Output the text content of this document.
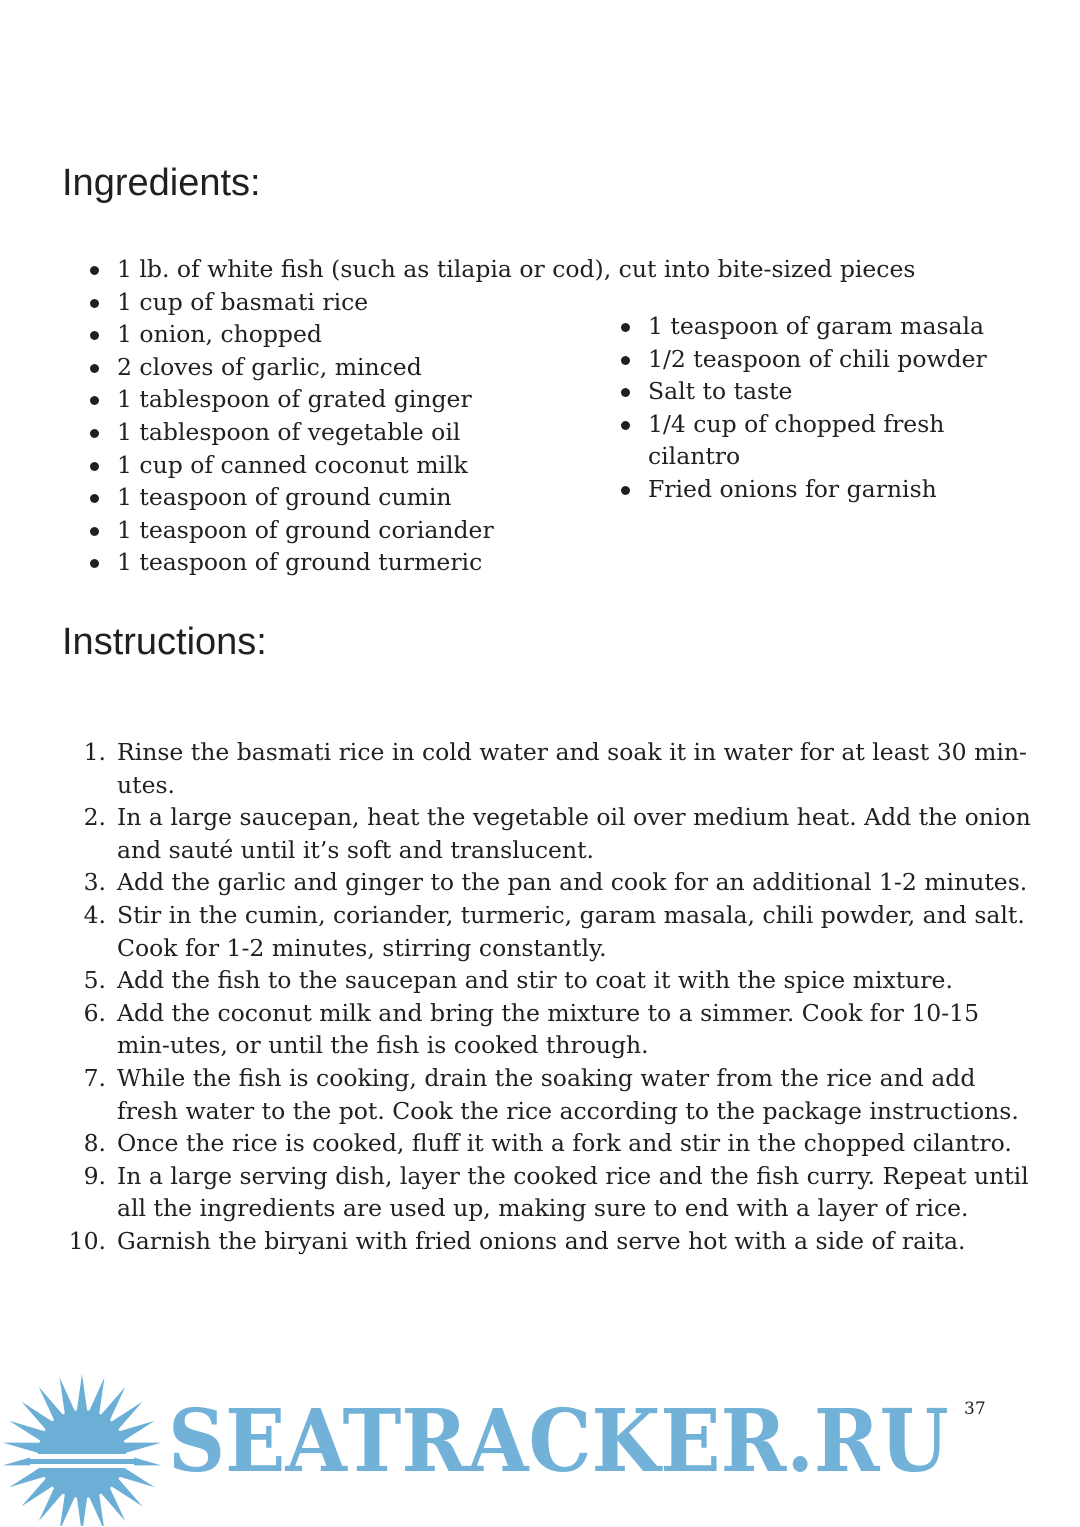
Ingredients:
1 lb. of white fish (such as tilapia or cod), cut into bite-sized pieces
1 cup of basmati rice
1 onion, chopped
2 cloves of garlic, minced
1 tablespoon of grated ginger
1 tablespoon of vegetable oil
1 cup of canned coconut milk
1 teaspoon of ground cumin
1 teaspoon of ground coriander
1 teaspoon of ground turmeric
1 teaspoon of garam masala
1/2 teaspoon of chili powder
Salt to taste
1/4 cup of chopped fresh cilantro
Fried onions for garnish
Instructions:
1. Rinse the basmati rice in cold water and soak it in water for at least 30 min-utes.
2. In a large saucepan, heat the vegetable oil over medium heat. Add the onion and sauté until it’s soft and translucent.
3. Add the garlic and ginger to the pan and cook for an additional 1-2 minutes.
4. Stir in the cumin, coriander, turmeric, garam masala, chili powder, and salt. Cook for 1-2 minutes, stirring constantly.
5. Add the fish to the saucepan and stir to coat it with the spice mixture.
6. Add the coconut milk and bring the mixture to a simmer. Cook for 10-15 min-utes, or until the fish is cooked through.
7. While the fish is cooking, drain the soaking water from the rice and add fresh water to the pot. Cook the rice according to the package instructions.
8. Once the rice is cooked, fluff it with a fork and stir in the chopped cilantro.
9. In a large serving dish, layer the cooked rice and the fish curry. Repeat until all the ingredients are used up, making sure to end with a layer of rice.
10. Garnish the biryani with fried onions and serve hot with a side of raita.
SEATRACKER.RU 37
